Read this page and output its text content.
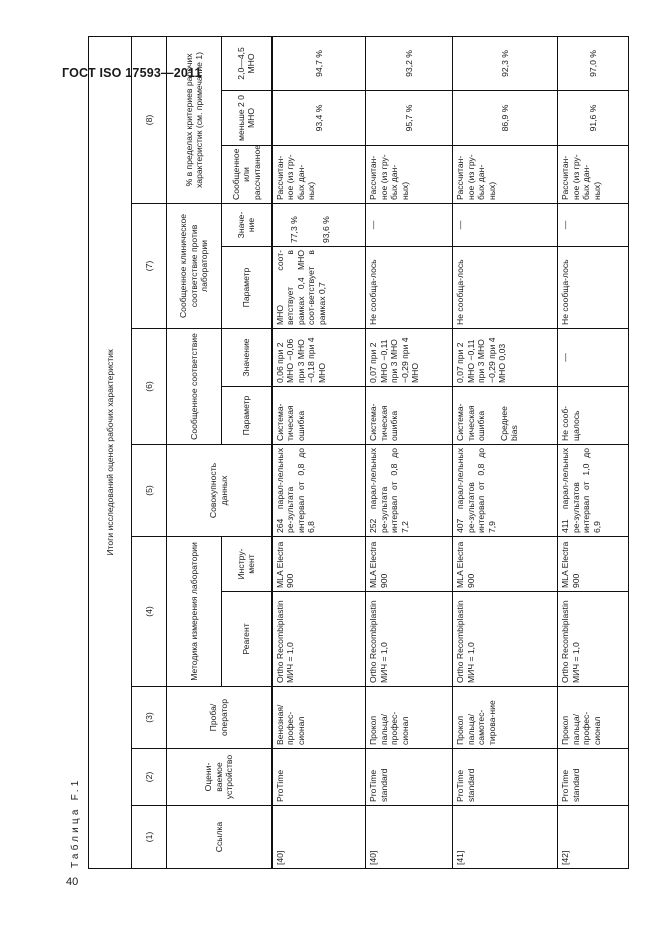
ГОСТ ISO 17593—2011
40
Таблица F.1
Итоги исследований оценок рабочих характеристик												
(1)	(2)	(3)	(4)		(5)	(6)		(7)		(8)		
Ссылка	Оцени-ваемое устройство	Проба/ оператор	Методика измерения лаборатории		Совокупность данных	Сообщенное соответствие		Сообщенное клиническое соответствие против лаборатории		% в пределах критериев рабочих характеристик (см. примечание 1)		
			Реагент	Инстру-мент		Параметр	Значение	Параметр	Значе-ние	Сообщенное или рассчитанное	меньше 2 0 МНО	2,0—4,5 МНО
[40]	ProTime	Венозная/ профес-сионал	Ortho Recombiplastin МИЧ = 1,0	MLA Electra 900	264 парал-лельных ре-зультата интервал от 0,8 до 6,8	Система-тическая ошибка	0,06 при 2 МНО −0,06 при 3 МНО −0,18 при 4 МНО	МНО соот-ветствует в рамках 0,4 МНО соот-ветствует в рамках 0,7	77,3 % 93,6 %	Рассчитан-ное (из гру-бых дан-ных)	93,4 %	94,7 %
[40]	ProTime standard	Прокол пальца/ профес-сионал	Ortho Recombiplastin МИЧ = 1,0	MLA Electra 900	252 парал-лельных ре-зультата интервал от 0,8 до 7,2	Система-тическая ошибка	0,07 при 2 МНО −0,11 при 3 МНО −0,29 при 4 МНО	Не сообща-лось	—	Рассчитан-ное (из гру-бых дан-ных)	95,7 %	93,2 %
[41]	ProTime standard	Прокол пальца/ самотес-тирова-ние	Ortho Recombiplastin МИЧ = 1,0	MLA Electra 900	407 парал-лельных ре-зультатов интервал от 0,8 до 7,9	Система-тическая ошибка Среднее bias	0,07 при 2 МНО −0,11 при 3 МНО −0,29 при 4 МНО 0,03	Не сообща-лось	—	Рассчитан-ное (из гру-бых дан-ных)	86,9 %	92,3 %
[42]	ProTime standard	Прокол пальца/ профес-сионал	Ortho Recombiplastin МИЧ = 1,0	MLA Electra 900	411 парал-лельных ре-зультатов интервал от 1,0 до 6,9	Не сооб-щалось	—	Не сообща-лось	—	Рассчитан-ное (из гру-бых дан-ных)	91,6 %	97,0 %
